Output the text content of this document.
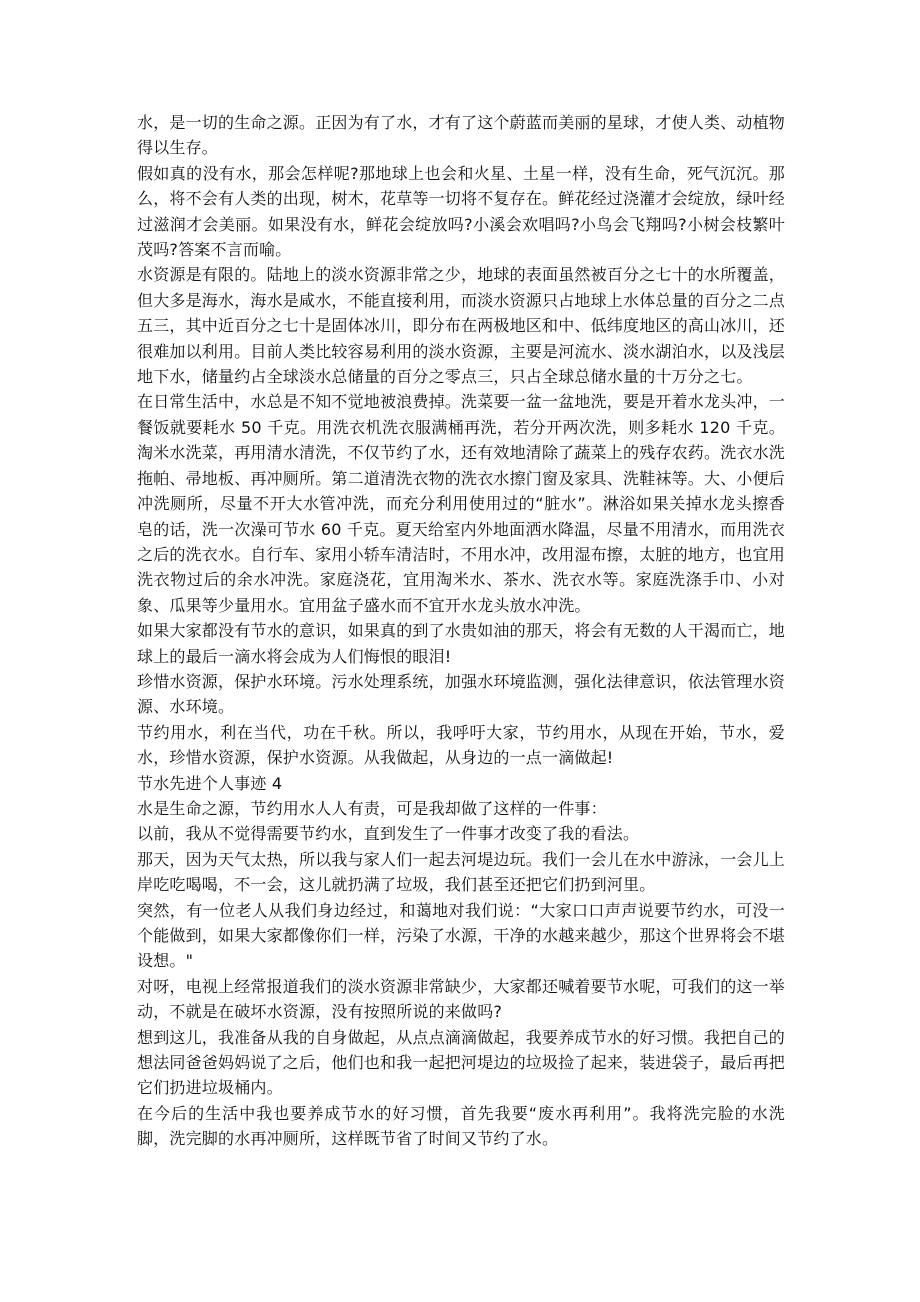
水，是一切的生命之源。正因为有了水，才有了这个蔚蓝而美丽的星球，才使人类、动植物得以生存。

假如真的没有水，那会怎样呢?那地球上也会和火星、土星一样，没有生命，死气沉沉。那么，将不会有人类的出现，树木，花草等一切将不复存在。鲜花经过浇灌才会绽放，绿叶经过滋润才会美丽。如果没有水，鲜花会绽放吗?小溪会欢唱吗?小鸟会飞翔吗?小树会枝繁叶茂吗?答案不言而喻。

水资源是有限的。陆地上的淡水资源非常之少，地球的表面虽然被百分之七十的水所覆盖，但大多是海水，海水是咸水，不能直接利用，而淡水资源只占地球上水体总量的百分之二点五三，其中近百分之七十是固体冰川，即分布在两极地区和中、低纬度地区的高山冰川，还很难加以利用。目前人类比较容易利用的淡水资源，主要是河流水、淡水湖泊水，以及浅层地下水，储量约占全球淡水总储量的百分之零点三，只占全球总储水量的十万分之七。

在日常生活中，水总是不知不觉地被浪费掉。洗菜要一盆一盆地洗，要是开着水龙头冲，一餐饭就要耗水 50 千克。用洗衣机洗衣服满桶再洗，若分开两次洗，则多耗水 120 千克。淘米水洗菜，再用清水清洗，不仅节约了水，还有效地清除了蔬菜上的残存农药。洗衣水洗拖帕、帚地板、再冲厕所。第二道清洗衣物的洗衣水擦门窗及家具、洗鞋袜等。大、小便后冲洗厕所，尽量不开大水管冲洗，而充分利用使用过的“脏水”。淋浴如果关掉水龙头擦香皂的话，洗一次澡可节水 60 千克。夏天给室内外地面洒水降温，尽量不用清水，而用洗衣之后的洗衣水。自行车、家用小轿车清洁时，不用水冲，改用湿布擦，太脏的地方，也宜用洗衣物过后的余水冲洗。家庭浇花，宜用淘米水、茶水、洗衣水等。家庭洗涤手巾、小对象、瓜果等少量用水。宜用盆子盛水而不宜开水龙头放水冲洗。

如果大家都没有节水的意识，如果真的到了水贵如油的那天，将会有无数的人干渴而亡，地球上的最后一滴水将会成为人们悔恨的眼泪!

珍惜水资源，保护水环境。污水处理系统，加强水环境监测，强化法律意识，依法管理水资源、水环境。

节约用水，利在当代，功在千秋。所以，我呼吁大家，节约用水，从现在开始，节水，爱水，珍惜水资源，保护水资源。从我做起，从身边的一点一滴做起!

节水先进个人事迹 4

水是生命之源，节约用水人人有责，可是我却做了这样的一件事：

以前，我从不觉得需要节约水，直到发生了一件事才改变了我的看法。

那天，因为天气太热，所以我与家人们一起去河堤边玩。我们一会儿在水中游泳，一会儿上岸吃吃喝喝，不一会，这儿就扔满了垃圾，我们甚至还把它们扔到河里。

突然，有一位老人从我们身边经过，和蔼地对我们说：“大家口口声声说要节约水，可没一个能做到，如果大家都像你们一样，污染了水源，干净的水越来越少，那这个世界将会不堪设想。"

对呀，电视上经常报道我们的淡水资源非常缺少，大家都还喊着要节水呢，可我们的这一举动，不就是在破坏水资源，没有按照所说的来做吗?

想到这儿，我准备从我的自身做起，从点点滴滴做起，我要养成节水的好习惯。我把自己的想法同爸爸妈妈说了之后，他们也和我一起把河堤边的垃圾捡了起来，装进袋子，最后再把它们扔进垃圾桶内。

在今后的生活中我也要养成节水的好习惯，首先我要“废水再利用”。我将洗完脸的水洗脚，洗完脚的水再冲厕所，这样既节省了时间又节约了水。
